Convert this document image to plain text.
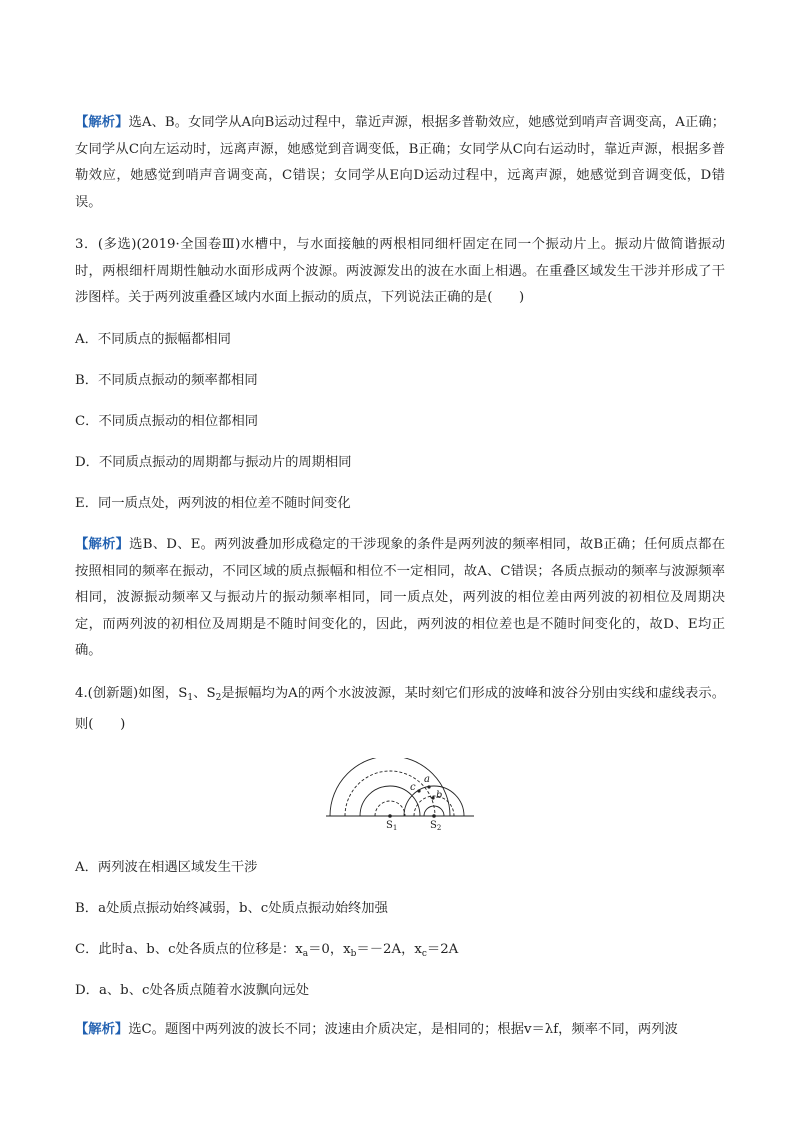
【解析】选A、B。女同学从A向B运动过程中，靠近声源，根据多普勒效应，她感觉到哨声音调变高，A正确；女同学从C向左运动时，远离声源，她感觉到音调变低，B正确；女同学从C向右运动时，靠近声源，根据多普勒效应，她感觉到哨声音调变高，C错误；女同学从E向D运动过程中，远离声源，她感觉到音调变低，D错误。
3．(多选)(2019·全国卷Ⅲ)水槽中，与水面接触的两根相同细杆固定在同一个振动片上。振动片做简谐振动时，两根细杆周期性触动水面形成两个波源。两波源发出的波在水面上相遇。在重叠区域发生干涉并形成了干涉图样。关于两列波重叠区域内水面上振动的质点，下列说法正确的是(　　)
A．不同质点的振幅都相同
B．不同质点振动的频率都相同
C．不同质点振动的相位都相同
D．不同质点振动的周期都与振动片的周期相同
E．同一质点处，两列波的相位差不随时间变化
【解析】选B、D、E。两列波叠加形成稳定的干涉现象的条件是两列波的频率相同，故B正确；任何质点都在按照相同的频率在振动，不同区域的质点振幅和相位不一定相同，故A、C错误；各质点振动的频率与波源频率相同，波源振动频率又与振动片的振动频率相同，同一质点处，两列波的相位差由两列波的初相位及周期决定，而两列波的初相位及周期是不随时间变化的，因此，两列波的相位差也是不随时间变化的，故D、E均正确。
4.(创新题)如图，$S_1$、$S_2$是振幅均为A的两个水波波源，某时刻它们形成的波峰和波谷分别由实线和虚线表示。则(　　)
a
b
c
$S_1$	$S_2$
A．两列波在相遇区域发生干涉
B．a处质点振动始终减弱，b、c处质点振动始终加强
C．此时a、b、c处各质点的位移是：$x_a=0$，$x_b=-2A$，$x_c=2A$
D．a、b、c处各质点随着水波飘向远处
【解析】选C。题图中两列波的波长不同；波速由介质决定，是相同的；根据v＝λf，频率不同，两列波
